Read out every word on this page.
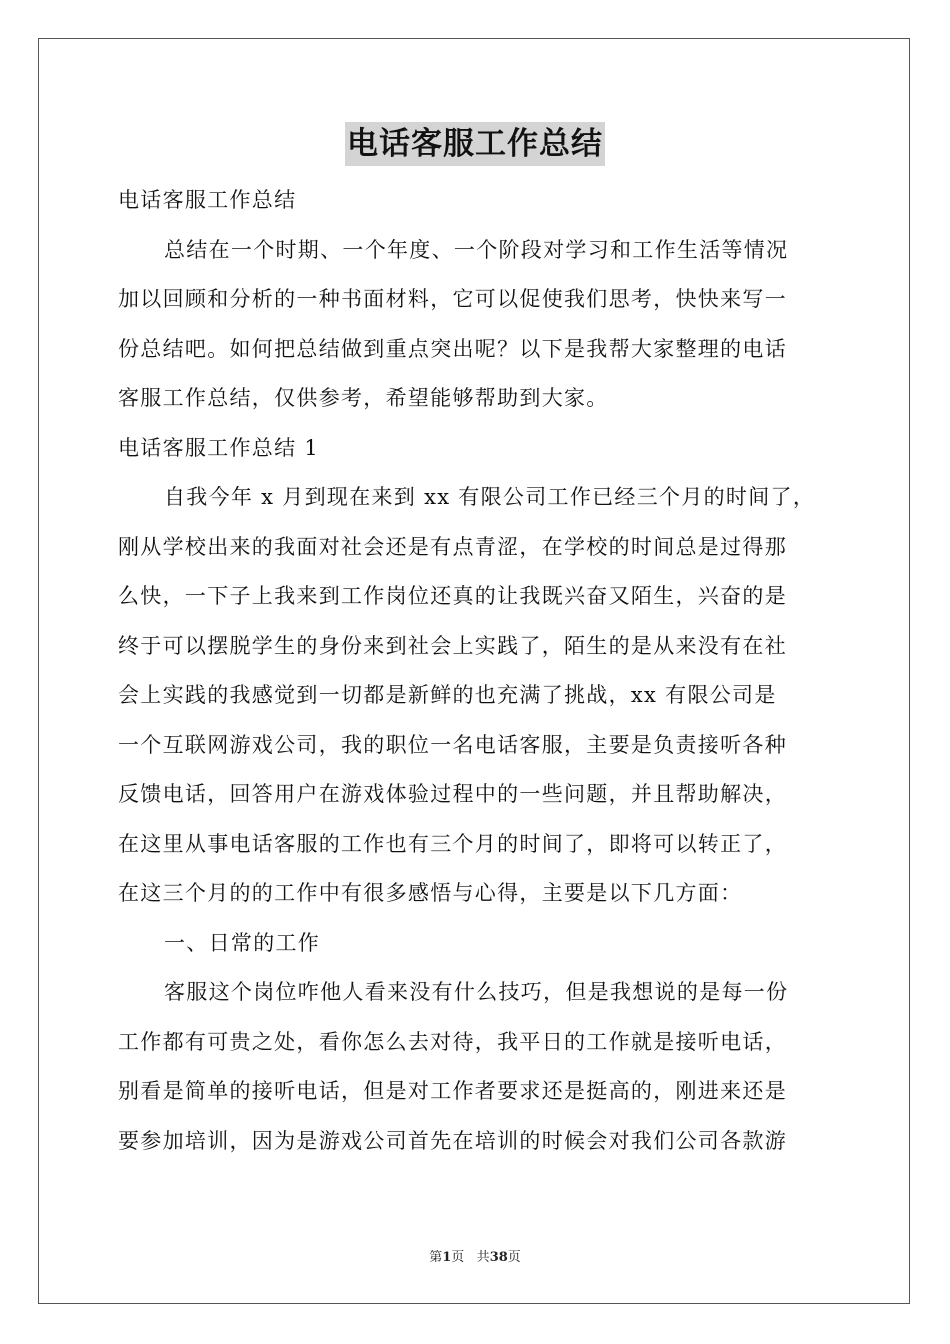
电话客服工作总结
电话客服工作总结
总结在一个时期、一个年度、一个阶段对学习和工作生活等情况
加以回顾和分析的一种书面材料，它可以促使我们思考，快快来写一
份总结吧。如何把总结做到重点突出呢？以下是我帮大家整理的电话
客服工作总结，仅供参考，希望能够帮助到大家。
电话客服工作总结 1
自我今年 x 月到现在来到 xx 有限公司工作已经三个月的时间了，
刚从学校出来的我面对社会还是有点青涩，在学校的时间总是过得那
么快，一下子上我来到工作岗位还真的让我既兴奋又陌生，兴奋的是
终于可以摆脱学生的身份来到社会上实践了，陌生的是从来没有在社
会上实践的我感觉到一切都是新鲜的也充满了挑战，xx 有限公司是
一个互联网游戏公司，我的职位一名电话客服，主要是负责接听各种
反馈电话，回答用户在游戏体验过程中的一些问题，并且帮助解决，
在这里从事电话客服的工作也有三个月的时间了，即将可以转正了，
在这三个月的的工作中有很多感悟与心得，主要是以下几方面：
一、日常的工作
客服这个岗位咋他人看来没有什么技巧，但是我想说的是每一份
工作都有可贵之处，看你怎么去对待，我平日的工作就是接听电话，
别看是简单的接听电话，但是对工作者要求还是挺高的，刚进来还是
要参加培训，因为是游戏公司首先在培训的时候会对我们公司各款游
第1页 共38页
